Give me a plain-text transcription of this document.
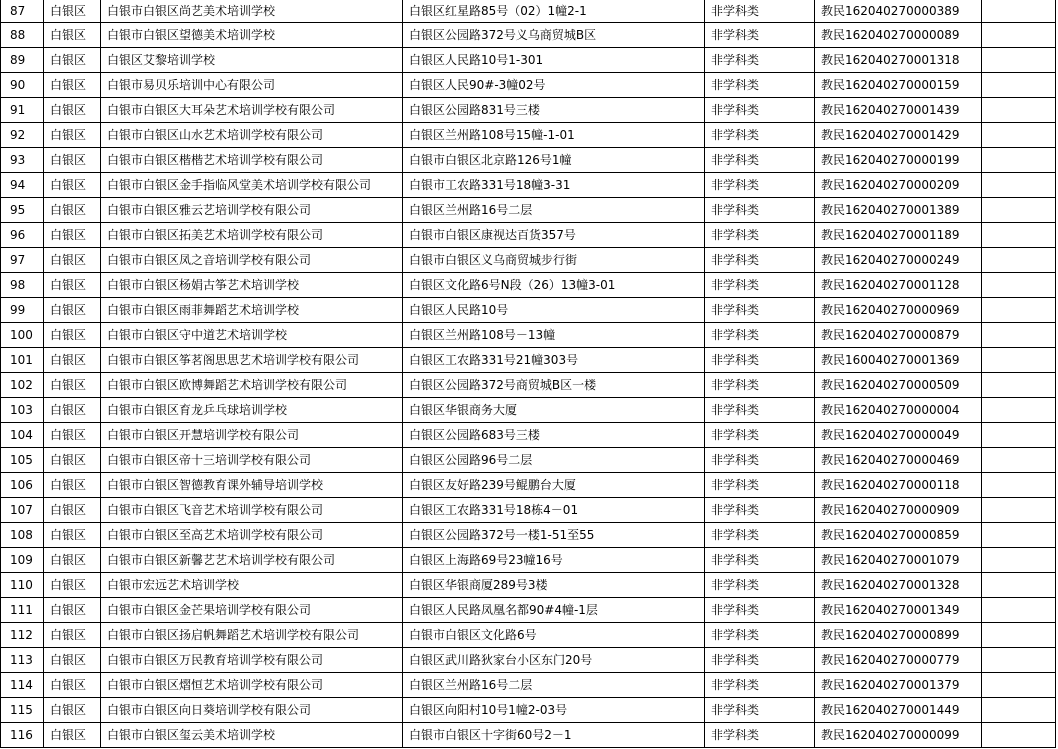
87	白银区	白银市白银区尚艺美术培训学校	白银区红星路85号（02）1幢2-1	非学科类	教民162040270000389	
88	白银区	白银市白银区望德美术培训学校	白银区公园路372号义乌商贸城B区	非学科类	教民162040270000089	
89	白银区	白银区艾黎培训学校	白银区人民路10号1-301	非学科类	教民162040270001318	
90	白银区	白银市易贝乐培训中心有限公司	白银区人民90#-3幢02号	非学科类	教民162040270000159	
91	白银区	白银市白银区大耳朵艺术培训学校有限公司	白银区公园路831号三楼	非学科类	教民162040270001439	
92	白银区	白银市白银区山水艺术培训学校有限公司	白银区兰州路108号15幢-1-01	非学科类	教民162040270001429	
93	白银区	白银市白银区楷楷艺术培训学校有限公司	白银市白银区北京路126号1幢	非学科类	教民162040270000199	
94	白银区	白银市白银区金手指临风堂美术培训学校有限公司	白银市工农路331号18幢3-31	非学科类	教民162040270000209	
95	白银区	白银市白银区雅云艺培训学校有限公司	白银区兰州路16号二层	非学科类	教民162040270001389	
96	白银区	白银市白银区拓美艺术培训学校有限公司	白银市白银区康视达百货357号	非学科类	教民162040270001189	
97	白银区	白银市白银区凤之音培训学校有限公司	白银市白银区义乌商贸城步行街	非学科类	教民162040270000249	
98	白银区	白银市白银区杨娟古筝艺术培训学校	白银区文化路6号N段（26）13幢3-01	非学科类	教民162040270001128	
99	白银区	白银市白银区雨菲舞蹈艺术培训学校	白银区人民路10号	非学科类	教民162040270000969	
100	白银区	白银市白银区守中道艺术培训学校	白银区兰州路108号－13幢	非学科类	教民162040270000879	
101	白银区	白银市白银区筝茗阁思思艺术培训学校有限公司	白银区工农路331号21幢303号	非学科类	教民160040270001369	
102	白银区	白银市白银区欧博舞蹈艺术培训学校有限公司	白银区公园路372号商贸城B区一楼	非学科类	教民162040270000509	
103	白银区	白银市白银区育龙乒乓球培训学校	白银区华银商务大厦	非学科类	教民162040270000004	
104	白银区	白银市白银区开慧培训学校有限公司	白银区公园路683号三楼	非学科类	教民162040270000049	
105	白银区	白银市白银区帝十三培训学校有限公司	白银区公园路96号二层	非学科类	教民162040270000469	
106	白银区	白银市白银区智德教育课外辅导培训学校	白银区友好路239号鲲鹏台大厦	非学科类	教民162040270000118	
107	白银区	白银市白银区飞音艺术培训学校有限公司	白银区工农路331号18栋4－01	非学科类	教民162040270000909	
108	白银区	白银市白银区至高艺术培训学校有限公司	白银区公园路372号一楼1-51至55	非学科类	教民162040270000859	
109	白银区	白银市白银区新馨艺艺术培训学校有限公司	白银区上海路69号23幢16号	非学科类	教民162040270001079	
110	白银区	白银市宏远艺术培训学校	白银区华银商厦289号3楼	非学科类	教民162040270001328	
111	白银区	白银市白银区金芒果培训学校有限公司	白银区人民路凤凰名都90#4幢-1层	非学科类	教民162040270001349	
112	白银区	白银市白银区扬启帆舞蹈艺术培训学校有限公司	白银市白银区文化路6号	非学科类	教民162040270000899	
113	白银区	白银市白银区万民教育培训学校有限公司	白银区武川路狄家台小区东门20号	非学科类	教民162040270000779	
114	白银区	白银市白银区熠恒艺术培训学校有限公司	白银区兰州路16号二层	非学科类	教民162040270001379	
115	白银区	白银市白银区向日葵培训学校有限公司	白银区向阳村10号1幢2-03号	非学科类	教民162040270001449	
116	白银区	白银市白银区玺云美术培训学校	白银市白银区十字街60号2－1	非学科类	教民162040270000099	
